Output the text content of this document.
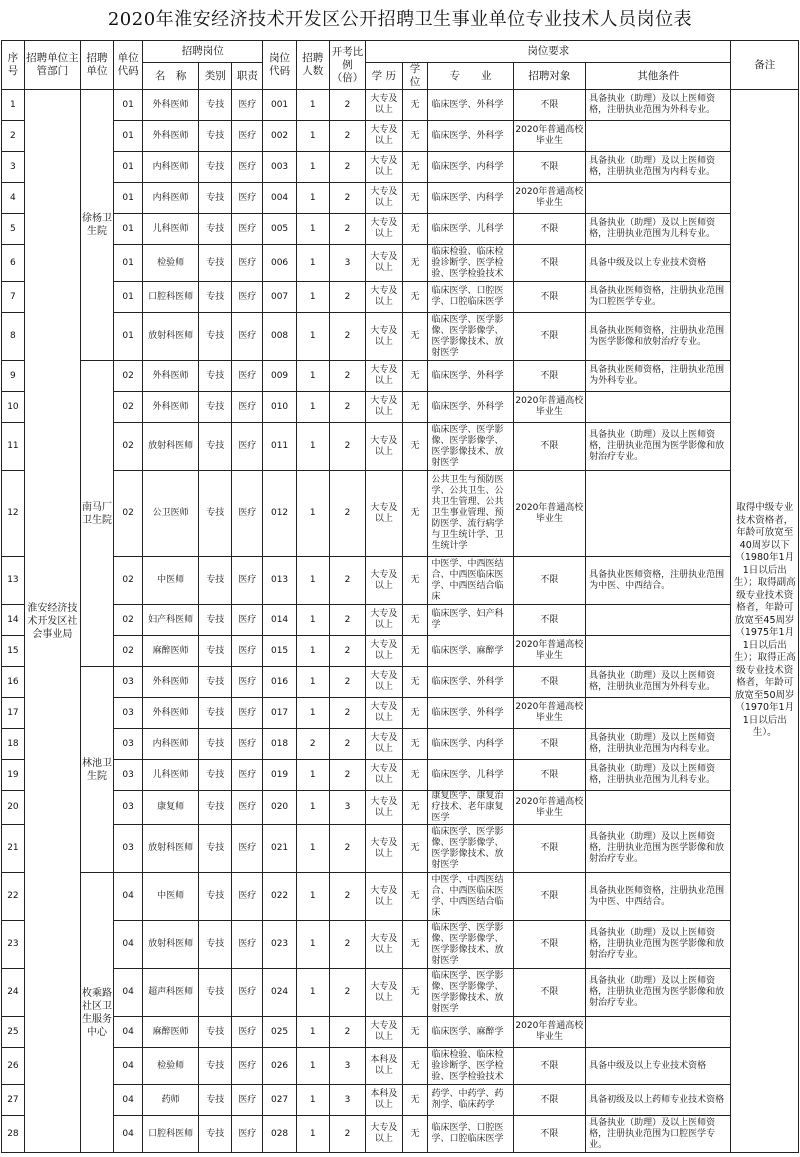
2020年淮安经济技术开发区公开招聘卫生事业单位专业技术人员岗位表
序号	招聘单位主管部门	招聘单位	单位代码	招聘岗位			岗位代码	招聘人数	开考比例（倍）	岗位要求					备注
				名　称	类别	职责				学 历	学 位	专　　业	招聘对象	其他条件	
1	淮安经济技术开发区社会事业局	徐杨卫生院	01	外科医师	专技	医疗	001	1	2	大专及以上	无	临床医学、外科学	不限	具备执业（助理）及以上医师资格，注册执业范围为外科专业。	取得中级专业技术资格者，年龄可放宽至40周岁以下（1980年1月1日以后出生）；取得副高级专业技术资格者，年龄可放宽至45周岁（1975年1月1日以后出生）；取得正高级专业技术资格者，年龄可放宽至50周岁（1970年1月1日以后出生）。
2			01	外科医师	专技	医疗	002	1	2	大专及以上	无	临床医学、外科学	2020年普通高校毕业生		
3			01	内科医师	专技	医疗	003	1	2	大专及以上	无	临床医学、内科学	不限	具备执业（助理）及以上医师资格，注册执业范围为内科专业。	
4			01	内科医师	专技	医疗	004	1	2	大专及以上	无	临床医学、内科学	2020年普通高校毕业生		
5			01	儿科医师	专技	医疗	005	1	2	大专及以上	无	临床医学、儿科学	不限	具备执业（助理）及以上医师资格，注册执业范围为儿科专业。	
6			01	检验师	专技	医疗	006	1	3	大专及以上	无	临床检验、临床检验诊断学、医学检验、医学检验技术	不限	具备中级及以上专业技术资格	
7			01	口腔科医师	专技	医疗	007	1	2	大专及以上	无	临床医学、口腔医学、口腔临床医学	不限	具备执业医师资格，注册执业范围为口腔医学专业。	
8			01	放射科医师	专技	医疗	008	1	2	大专及以上	无	临床医学、医学影像、医学影像学、医学影像技术、放射医学	不限	具备执业医师资格，注册执业范围为医学影像和放射治疗专业。	
9		南马厂卫生院	02	外科医师	专技	医疗	009	1	2	大专及以上	无	临床医学、外科学	不限	具备执业医师资格，注册执业范围为外科专业。	
10			02	外科医师	专技	医疗	010	1	2	大专及以上	无	临床医学、外科学	2020年普通高校毕业生		
11			02	放射科医师	专技	医疗	011	1	2	大专及以上	无	临床医学、医学影像、医学影像学、医学影像技术、放射医学	不限	具备执业（助理）及以上医师资格，注册执业范围为医学影像和放射治疗专业。	
12			02	公卫医师	专技	医疗	012	1	2	大专及以上	无	公共卫生与预防医学、公共卫生、公共卫生管理、公共卫生事业管理、预防医学、流行病学与卫生统计学、卫生统计学	2020年普通高校毕业生		
13			02	中医师	专技	医疗	013	1	2	大专及以上	无	中医学、中西医结合、中西医临床医学、中西医结合临床	不限	具备执业医师资格，注册执业范围为中医、中西结合。	
14			02	妇产科医师	专技	医疗	014	1	2	大专及以上	无	临床医学、妇产科学	不限		
15			02	麻醉医师	专技	医疗	015	1	2	大专及以上	无	临床医学、麻醉学	2020年普通高校毕业生		
16		林池卫生院	03	外科医师	专技	医疗	016	1	2	大专及以上	无	临床医学、外科学	不限	具备执业（助理）及以上医师资格，注册执业范围为外科专业。	
17			03	外科医师	专技	医疗	017	1	2	大专及以上	无	临床医学、外科学	2020年普通高校毕业生		
18			03	内科医师	专技	医疗	018	2	2	大专及以上	无	临床医学、内科学	不限	具备执业（助理）及以上医师资格，注册执业范围为内科专业。	
19			03	儿科医师	专技	医疗	019	1	2	大专及以上	无	临床医学、儿科学	不限	具备执业（助理）及以上医师资格，注册执业范围为儿科专业。	
20			03	康复师	专技	医疗	020	1	3	大专及以上	无	康复医学、康复治疗技术、老年康复医学	2020年普通高校毕业生		
21			03	放射科医师	专技	医疗	021	1	2	大专及以上	无	临床医学、医学影像、医学影像学、医学影像技术、放射医学	不限	具备执业（助理）及以上医师资格，注册执业范围为医学影像和放射治疗专业。	
22		枚乘路社区卫生服务中心	04	中医师	专技	医疗	022	1	2	大专及以上	无	中医学、中西医结合、中西医临床医学、中西医结合临床	不限	具备执业医师资格，注册执业范围为中医、中西结合。	
23			04	放射科医师	专技	医疗	023	1	2	大专及以上	无	临床医学、医学影像、医学影像学、医学影像技术、放射医学	不限	具备执业（助理）及以上医师资格，注册执业范围为医学影像和放射治疗专业。	
24			04	超声科医师	专技	医疗	024	1	2	大专及以上	无	临床医学、医学影像、医学影像学、医学影像技术、放射医学	不限	具备执业（助理）及以上医师资格，注册执业范围为医学影像和放射治疗专业。	
25			04	麻醉医师	专技	医疗	025	1	2	大专及以上	无	临床医学、麻醉学	2020年普通高校毕业生		
26			04	检验师	专技	医疗	026	1	3	本科及以上	无	临床检验、临床检验诊断学、医学检验、医学检验技术	不限	具备中级及以上专业技术资格	
27			04	药师	专技	医疗	027	1	3	本科及以上	无	药学、中药学、药剂学、临床药学	不限	具备初级及以上药师专业技术资格	
28			04	口腔科医师	专技	医疗	028	1	2	大专及以上	无	临床医学、口腔医学、口腔临床医学	不限	具备执业（助理）及以上医师资格，注册执业范围为口腔医学专业。	
